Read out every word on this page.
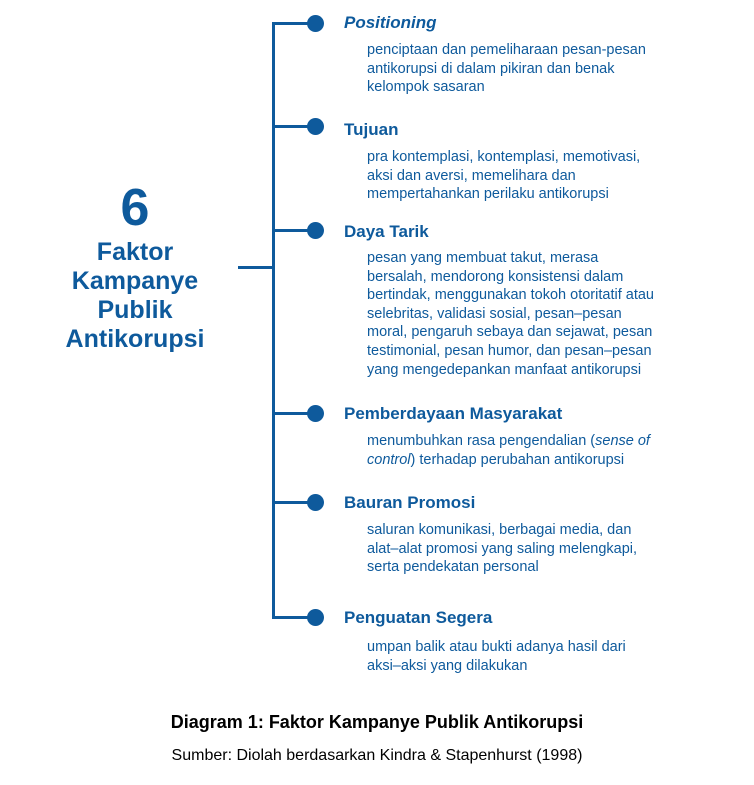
6
Faktor
Kampanye
Publik
Antikorupsi
Positioning
penciptaan dan pemeliharaan pesan-pesan
antikorupsi di dalam pikiran dan benak
kelompok sasaran
Tujuan
pra kontemplasi, kontemplasi, memotivasi,
aksi dan aversi, memelihara dan
mempertahankan perilaku antikorupsi
Daya Tarik
pesan yang membuat takut, merasa
bersalah, mendorong konsistensi dalam
bertindak, menggunakan tokoh otoritatif atau
selebritas, validasi sosial, pesan–pesan
moral, pengaruh sebaya dan sejawat, pesan
testimonial, pesan humor, dan pesan–pesan
yang mengedepankan manfaat antikorupsi
Pemberdayaan Masyarakat
menumbuhkan rasa pengendalian (sense of
control) terhadap perubahan antikorupsi
Bauran Promosi
saluran komunikasi, berbagai media, dan
alat–alat promosi yang saling melengkapi,
serta pendekatan personal
Penguatan Segera
umpan balik atau bukti adanya hasil dari
aksi–aksi yang dilakukan
Diagram 1: Faktor Kampanye Publik Antikorupsi
Sumber: Diolah berdasarkan Kindra & Stapenhurst (1998)
